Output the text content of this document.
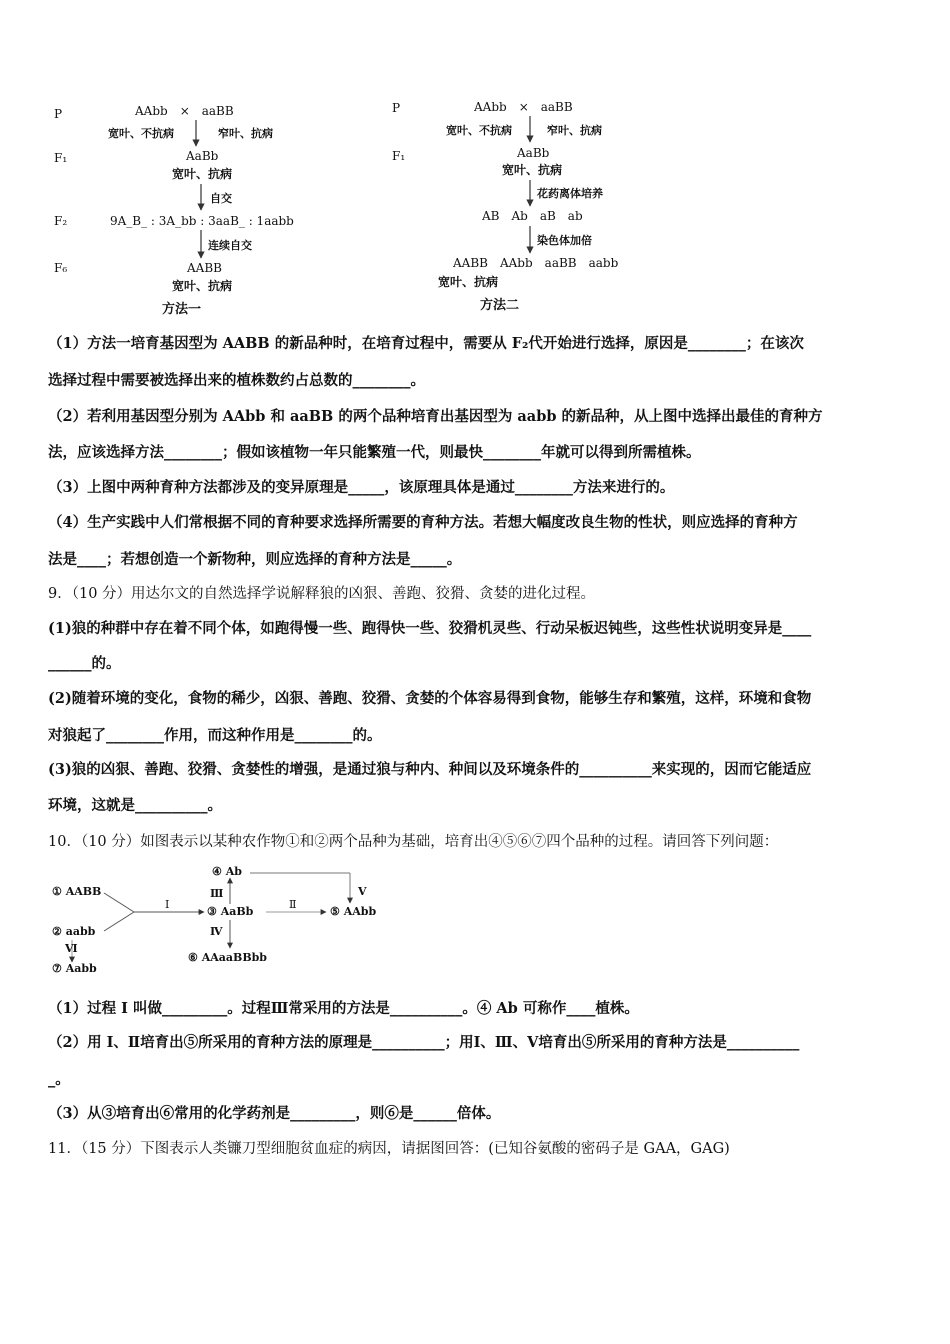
P
F₁
F₂
F₆
AAbb　×　aaBB
宽叶、不抗病	窄叶、抗病
AaBb
宽叶、抗病
自交
9A_B_ : 3A_bb : 3aaB_ : 1aabb
连续自交
AABB
宽叶、抗病
方法一
P
F₁
AAbb　×　aaBB
宽叶、不抗病	窄叶、抗病
AaBb
宽叶、抗病
花药离体培养
AB　Ab　aB　ab
染色体加倍
AABB　AAbb　aaBB　aabb
宽叶、抗病
方法二
（1）方法一培育基因型为 AABB 的新品种时，在培育过程中，需要从 F₂代开始进行选择，原因是________；在该次
选择过程中需要被选择出来的植株数约占总数的________。
（2）若利用基因型分别为 AAbb 和 aaBB 的两个品种培育出基因型为 aabb 的新品种，从上图中选择出最佳的育种方
法，应该选择方法________；假如该植物一年只能繁殖一代，则最快________年就可以得到所需植株。
（3）上图中两种育种方法都涉及的变异原理是_____，该原理具体是通过________方法来进行的。
（4）生产实践中人们常根据不同的育种要求选择所需要的育种方法。若想大幅度改良生物的性状，则应选择的育种方
法是____；若想创造一个新物种，则应选择的育种方法是_____。
9．（10 分）用达尔文的自然选择学说解释狼的凶狠、善跑、狡猾、贪婪的进化过程。
(1)狼的种群中存在着不同个体，如跑得慢一些、跑得快一些、狡猾机灵些、行动呆板迟钝些，这些性状说明变异是____
______的。
(2)随着环境的变化，食物的稀少，凶狠、善跑、狡猾、贪婪的个体容易得到食物，能够生存和繁殖，这样，环境和食物
对狼起了________作用，而这种作用是________的。
(3)狼的凶狠、善跑、狡猾、贪婪性的增强，是通过狼与种内、种间以及环境条件的__________来实现的，因而它能适应
环境，这就是__________。
10．（10 分）如图表示以某种农作物①和②两个品种为基础，培育出④⑤⑥⑦四个品种的过程。请回答下列问题：
① AABB
② aabb
③ AaBb
④ Ab
⑤ AAbb
⑥ AAaaBBbb
⑦ Aabb
Ⅰ	Ⅱ
Ⅲ
Ⅳ
Ⅴ
Ⅵ
（1）过程 I 叫做_________。过程Ⅲ常采用的方法是__________。④ Ab 可称作____植株。
（2）用 I、Ⅱ培育出⑤所采用的育种方法的原理是__________；用Ⅰ、Ⅲ、Ⅴ培育出⑤所采用的育种方法是__________
_。
（3）从③培育出⑥常用的化学药剂是_________，则⑥是______倍体。
11．（15 分）下图表示人类镰刀型细胞贫血症的病因，请据图回答：(已知谷氨酸的密码子是 GAA，GAG)
